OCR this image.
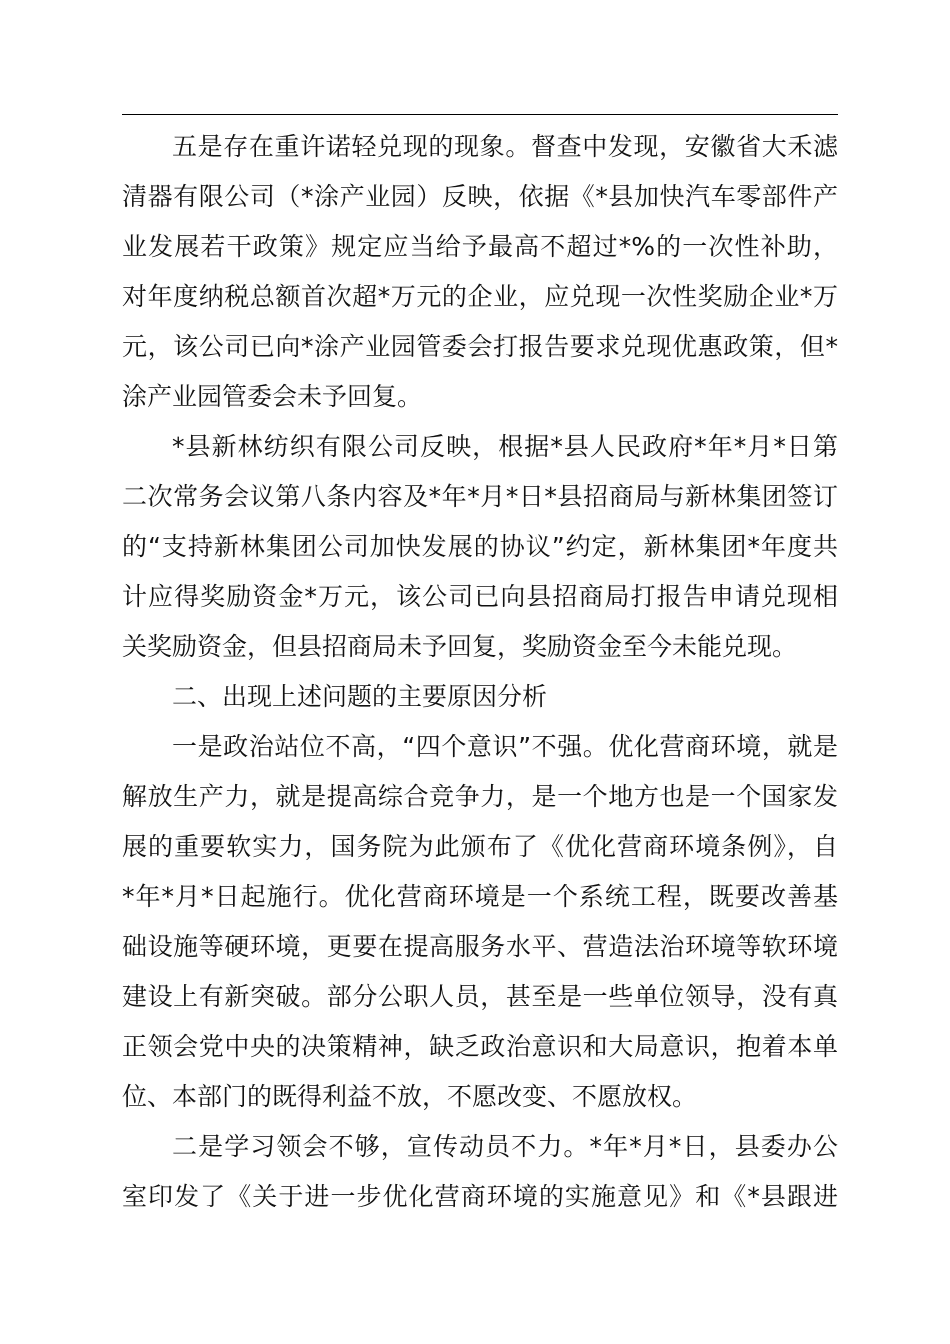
五是存在重许诺轻兑现的现象。督查中发现，安徽省大禾滤
清器有限公司（*涂产业园）反映，依据《*县加快汽车零部件产
业发展若干政策》规定应当给予最高不超过*%的一次性补助，
对年度纳税总额首次超*万元的企业，应兑现一次性奖励企业*万
元，该公司已向*涂产业园管委会打报告要求兑现优惠政策，但*
涂产业园管委会未予回复。
*县新林纺织有限公司反映，根据*县人民政府*年*月*日第
二次常务会议第八条内容及*年*月*日*县招商局与新林集团签订
的“支持新林集团公司加快发展的协议”约定，新林集团*年度共
计应得奖励资金*万元，该公司已向县招商局打报告申请兑现相
关奖励资金，但县招商局未予回复，奖励资金至今未能兑现。
二、出现上述问题的主要原因分析
一是政治站位不高，“四个意识”不强。优化营商环境，就是
解放生产力，就是提高综合竞争力，是一个地方也是一个国家发
展的重要软实力，国务院为此颁布了《优化营商环境条例》，自
*年*月*日起施行。优化营商环境是一个系统工程，既要改善基
础设施等硬环境，更要在提高服务水平、营造法治环境等软环境
建设上有新突破。部分公职人员，甚至是一些单位领导，没有真
正领会党中央的决策精神，缺乏政治意识和大局意识，抱着本单
位、本部门的既得利益不放，不愿改变、不愿放权。
二是学习领会不够，宣传动员不力。*年*月*日，县委办公
室印发了《关于进一步优化营商环境的实施意见》和《*县跟进
